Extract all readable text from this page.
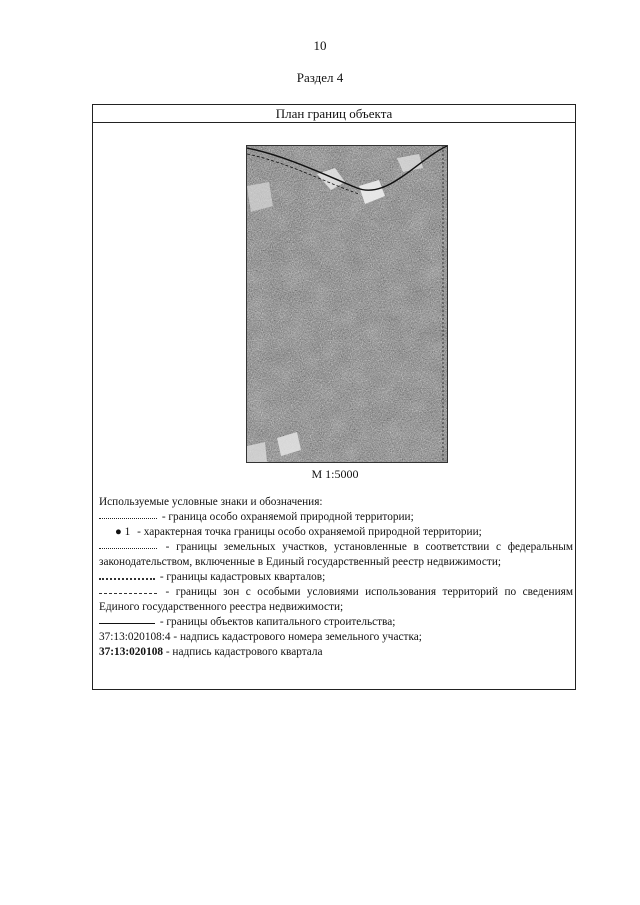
10
Раздел 4
План границ объекта
М 1:5000

Используемые условные знаки и обозначения:

- граница особо охраняемой природной территории;

● 1 - характерная точка границы особо охраняемой природной территории;

- границы земельных участков, установленные в соответствии с федеральным законодательством, включенные в Единый государственный реестр недвижимости;

- границы кадастровых кварталов;

- границы зон с особыми условиями использования территорий по сведениям Единого государственного реестра недвижимости;

- границы объектов капитального строительства;

37:13:020108:4 - надпись кадастрового номера земельного участка;

37:13:020108 - надпись кадастрового квартала
